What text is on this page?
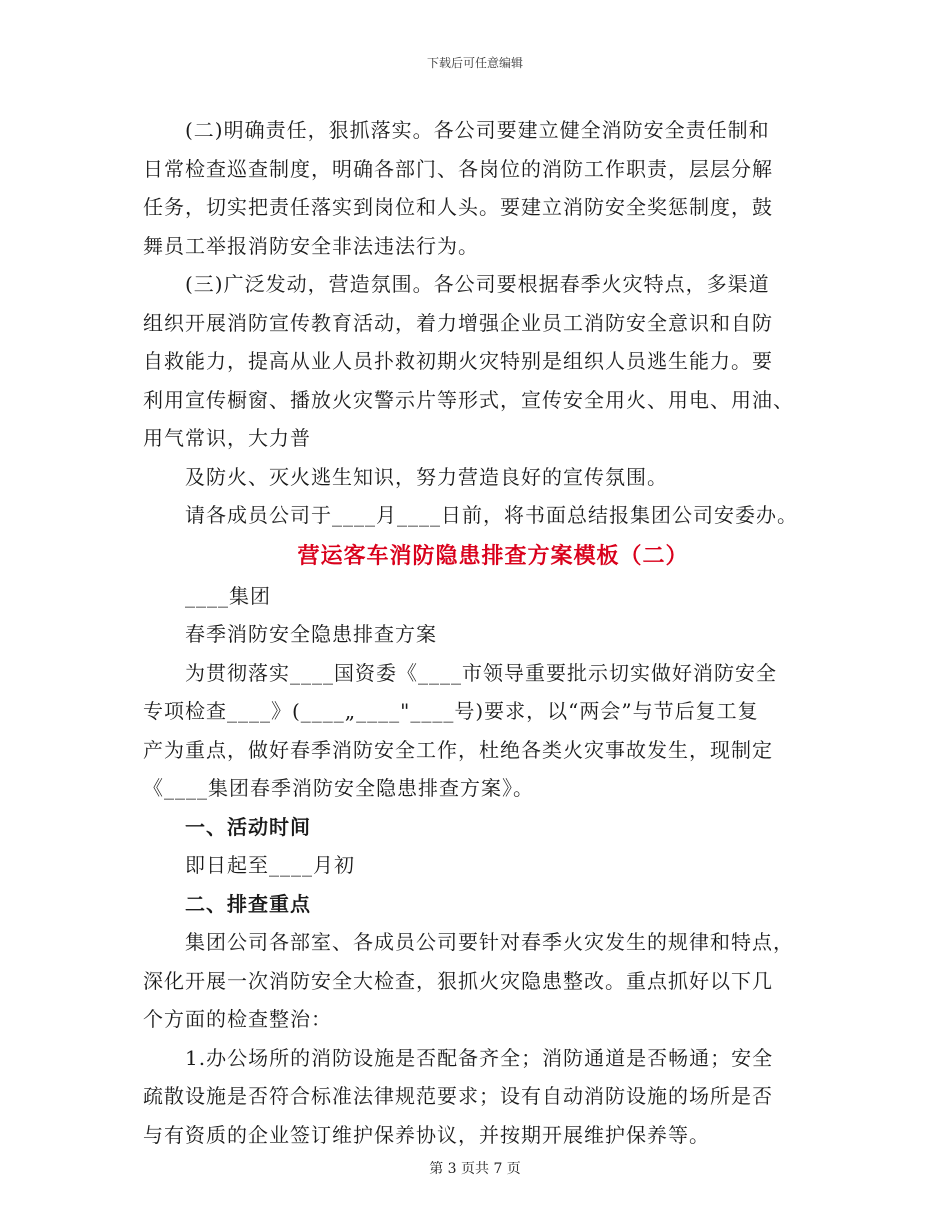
下载后可任意编辑

(二)明确责任，狠抓落实。各公司要建立健全消防安全责任制和

日常检查巡查制度，明确各部门、各岗位的消防工作职责，层层分解

任务，切实把责任落实到岗位和人头。要建立消防安全奖惩制度，鼓

舞员工举报消防安全非法违法行为。

(三)广泛发动，营造氛围。各公司要根据春季火灾特点，多渠道

组织开展消防宣传教育活动，着力增强企业员工消防安全意识和自防

自救能力，提高从业人员扑救初期火灾特别是组织人员逃生能力。要

利用宣传橱窗、播放火灾警示片等形式，宣传安全用火、用电、用油、

用气常识，大力普

及防火、灭火逃生知识，努力营造良好的宣传氛围。

请各成员公司于____月____日前，将书面总结报集团公司安委办。

营运客车消防隐患排查方案模板（二）

____集团

春季消防安全隐患排查方案

为贯彻落实____国资委《____市领导重要批示切实做好消防安全

专项检查____》(____„____"____号)要求，以“两会”与节后复工复

产为重点，做好春季消防安全工作，杜绝各类火灾事故发生，现制定

《____集团春季消防安全隐患排查方案》。

一、活动时间

即日起至____月初

二、排查重点

集团公司各部室、各成员公司要针对春季火灾发生的规律和特点，

深化开展一次消防安全大检查，狠抓火灾隐患整改。重点抓好以下几

个方面的检查整治：

1.办公场所的消防设施是否配备齐全；消防通道是否畅通；安全

疏散设施是否符合标准法律规范要求；设有自动消防设施的场所是否

与有资质的企业签订维护保养协议，并按期开展维护保养等。

第 3 页共 7 页
